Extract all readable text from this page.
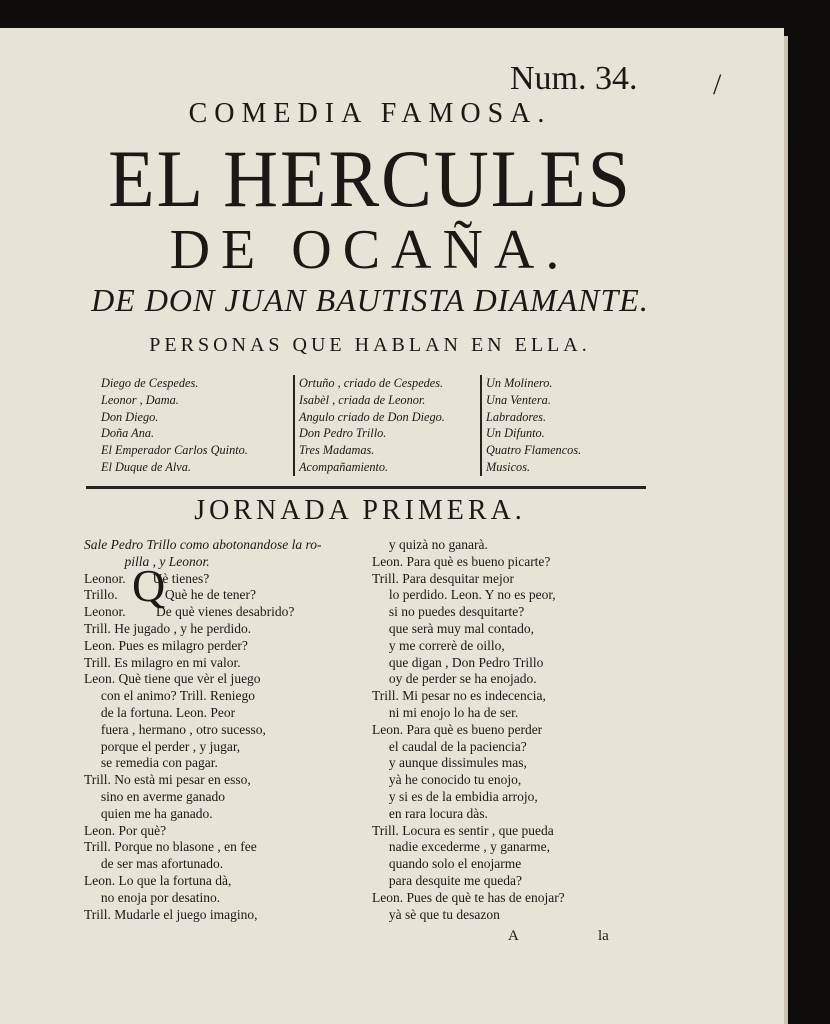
Num. 34.	/
COMEDIA FAMOSA.
EL HERCULES
DE OCAÑA.
DE DON JUAN BAUTISTA DIAMANTE.
PERSONAS QUE HABLAN EN ELLA.
Diego de Cespedes.
Leonor , Dama.
Don Diego.
Doña Ana.
El Emperador Carlos Quinto.
El Duque de Alva.
Ortuño , criado de Cespedes.
Isabèl , criada de Leonor.
Angulo criado de Don Diego.
Don Pedro Trillo.
Tres Madamas.
Acompañamiento.
Un Molinero.
Una Ventera.
Labradores.
Un Difunto.
Quatro Flamencos.
Musicos.
JORNADA PRIMERA.
Sale Pedro Trillo como abotonandose la ro-
pilla , y Leonor.
Leonor.        Uè tienes?
Trillo.              Què he de tener?
Leonor.         De què vienes desabrido?
Trill. He jugado , y he perdido.
Leon. Pues es milagro perder?
Trill. Es milagro en mi valor.
Leon. Què tiene que vèr el juego
con el animo? Trill. Reniego
de la fortuna. Leon. Peor
fuera , hermano , otro sucesso,
porque el perder , y jugar,
se remedia con pagar.
Trill. No està mi pesar en esso,
sino en averme ganado
quien me ha ganado.
Leon. Por què?
Trill. Porque no blasone , en fee
de ser mas afortunado.
Leon. Lo que la fortuna dà,
no enoja por desatino.
Trill. Mudarle el juego imagino,
Q
y quizà no ganarà.
Leon. Para què es bueno picarte?
Trill. Para desquitar mejor
lo perdido. Leon. Y no es peor,
si no puedes desquitarte?
que serà muy mal contado,
y me correrè de oillo,
que digan , Don Pedro Trillo
oy de perder se ha enojado.
Trill. Mi pesar no es indecencia,
ni mi enojo lo ha de ser.
Leon. Para què es bueno perder
el caudal de la paciencia?
y aunque dissimules mas,
yà he conocido tu enojo,
y si es de la embidia arrojo,
en rara locura dàs.
Trill. Locura es sentir , que pueda
nadie excederme , y ganarme,
quando solo el enojarme
para desquite me queda?
Leon. Pues de què te has de enojar?
yà sè que tu desazon
A	la
